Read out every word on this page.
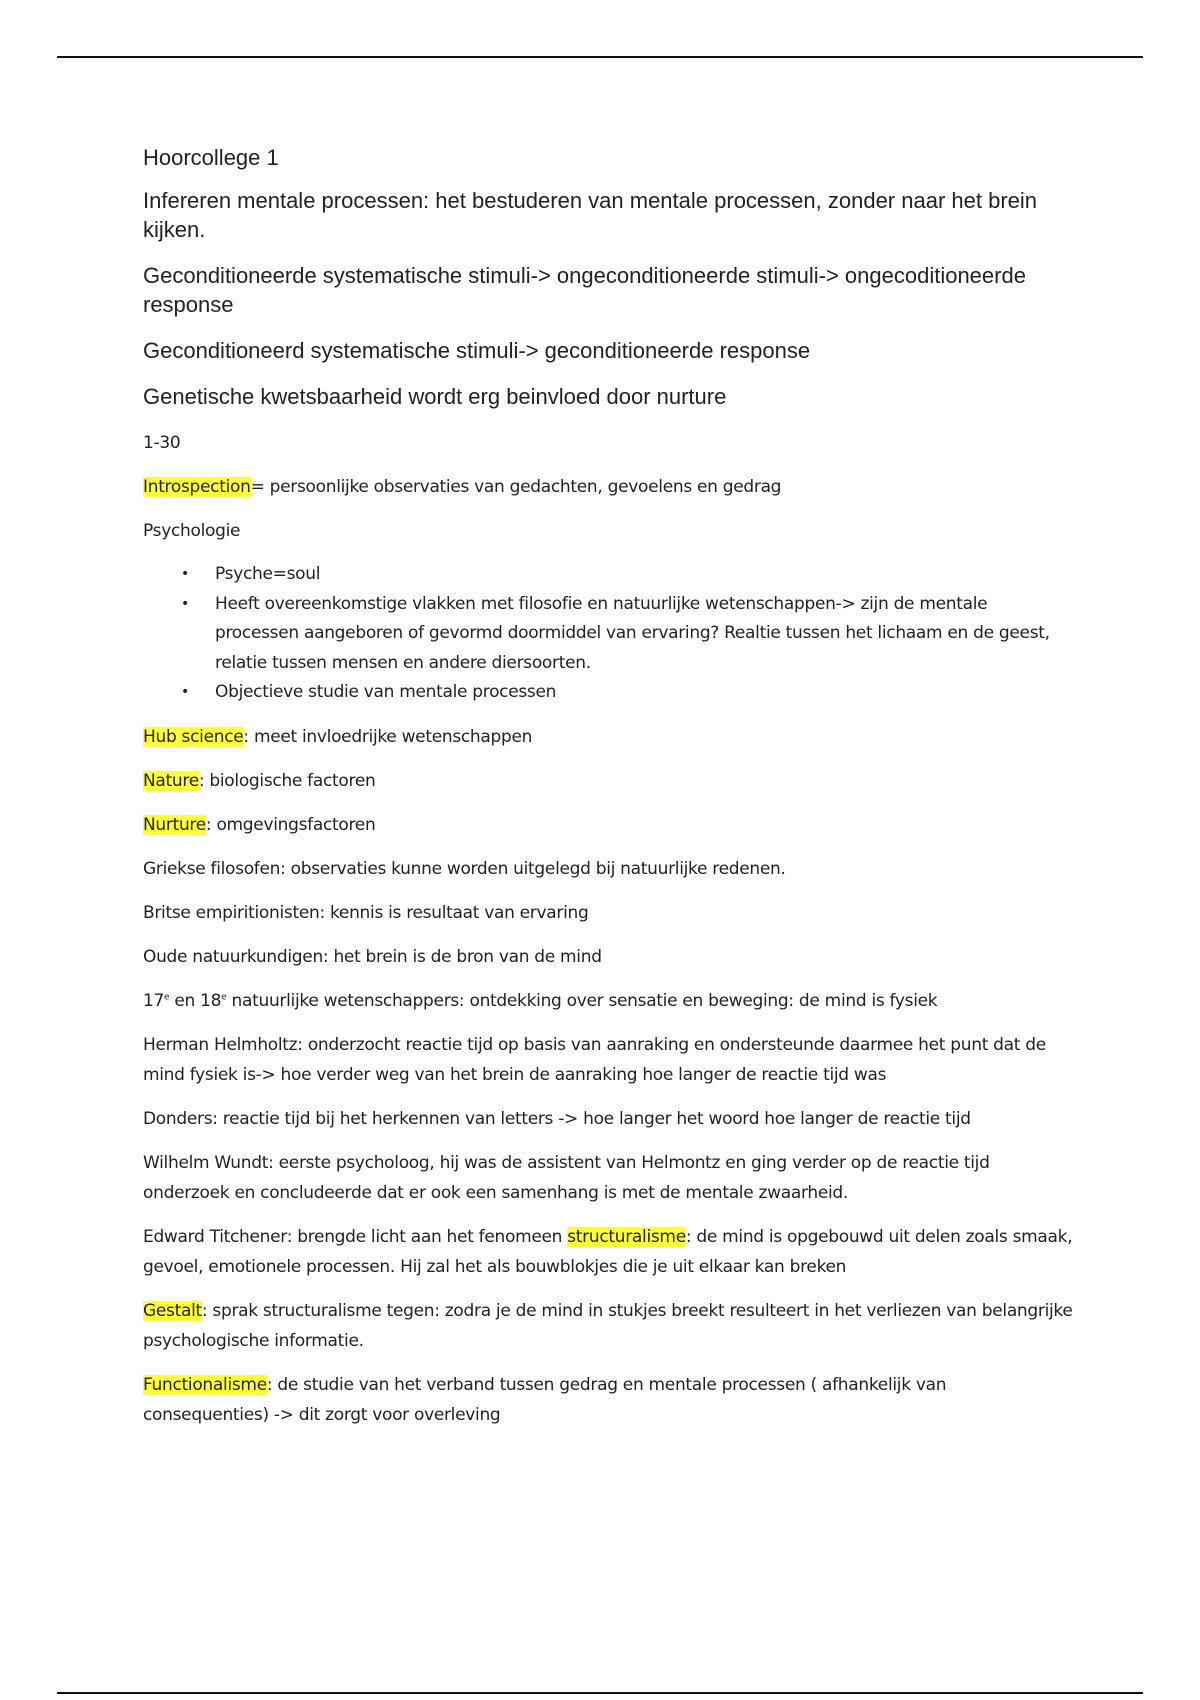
Hoorcollege 1

Infereren mentale processen: het bestuderen van mentale processen, zonder naar het brein kijken.

Geconditioneerde systematische stimuli-> ongeconditioneerde stimuli-> ongecoditioneerde response

Geconditioneerd systematische stimuli-> geconditioneerde response

Genetische kwetsbaarheid wordt erg beinvloed door nurture

1-30

Introspection= persoonlijke observaties van gedachten, gevoelens en gedrag

Psychologie

• Psyche=soul
• Heeft overeenkomstige vlakken met filosofie en natuurlijke wetenschappen-> zijn de mentale processen aangeboren of gevormd doormiddel van ervaring? Realtie tussen het lichaam en de geest, relatie tussen mensen en andere diersoorten.
• Objectieve studie van mentale processen

Hub science: meet invloedrijke wetenschappen

Nature: biologische factoren

Nurture: omgevingsfactoren

Griekse filosofen: observaties kunne worden uitgelegd bij natuurlijke redenen.

Britse empiritionisten: kennis is resultaat van ervaring

Oude natuurkundigen: het brein is de bron van de mind

17e en 18e natuurlijke wetenschappers: ontdekking over sensatie en beweging: de mind is fysiek

Herman Helmholtz: onderzocht reactie tijd op basis van aanraking en ondersteunde daarmee het punt dat de mind fysiek is-> hoe verder weg van het brein de aanraking hoe langer de reactie tijd was

Donders: reactie tijd bij het herkennen van letters -> hoe langer het woord hoe langer de reactie tijd

Wilhelm Wundt: eerste psycholoog, hij was de assistent van Helmontz en ging verder op de reactie tijd onderzoek en concludeerde dat er ook een samenhang is met de mentale zwaarheid.

Edward Titchener: brengde licht aan het fenomeen structuralisme: de mind is opgebouwd uit delen zoals smaak, gevoel, emotionele processen. Hij zal het als bouwblokjes die je uit elkaar kan breken

Gestalt: sprak structuralisme tegen: zodra je de mind in stukjes breekt resulteert in het verliezen van belangrijke psychologische informatie.

Functionalisme: de studie van het verband tussen gedrag en mentale processen ( afhankelijk van consequenties) -> dit zorgt voor overleving
